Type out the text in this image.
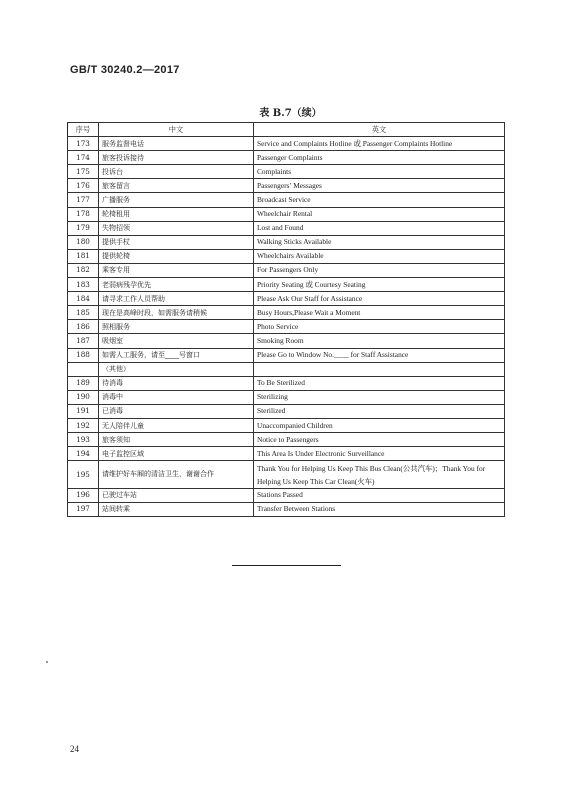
GB/T 30240.2—2017
表 B.7（续）
序号	中文	英文
173	服务监督电话	Service and Complaints Hotline 或 Passenger Complaints Hotline
174	旅客投诉接待	Passenger Complaints
175	投诉台	Complaints
176	旅客留言	Passengers’ Messages
177	广播服务	Broadcast Service
178	轮椅租用	Wheelchair Rental
179	失物招领	Lost and Found
180	提供手杖	Walking Sticks Available
181	提供轮椅	Wheelchairs Available
182	乘客专用	For Passengers Only
183	老弱病残孕优先	Priority Seating 或 Courtesy Seating
184	请寻求工作人员帮助	Please Ask Our Staff for Assistance
185	现在是高峰时段，如需服务请稍候	Busy Hours,Please Wait a Moment
186	照相服务	Photo Service
187	吸烟室	Smoking Room
188	如需人工服务，请至____号窗口	Please Go to Window No.____ for Staff Assistance
	（其他）	
189	待消毒	To Be Sterilized
190	消毒中	Sterilizing
191	已消毒	Sterilized
192	无人陪伴儿童	Unaccompanied Children
193	旅客须知	Notice to Passengers
194	电子监控区域	This Area Is Under Electronic Surveillance
195	请维护好车厢的清洁卫生，谢谢合作	Thank You for Helping Us Keep This Bus Clean(公共汽车)；Thank You for Helping Us Keep This Car Clean(火车)
196	已驶过车站	Stations Passed
197	站间转乘	Transfer Between Stations
24
